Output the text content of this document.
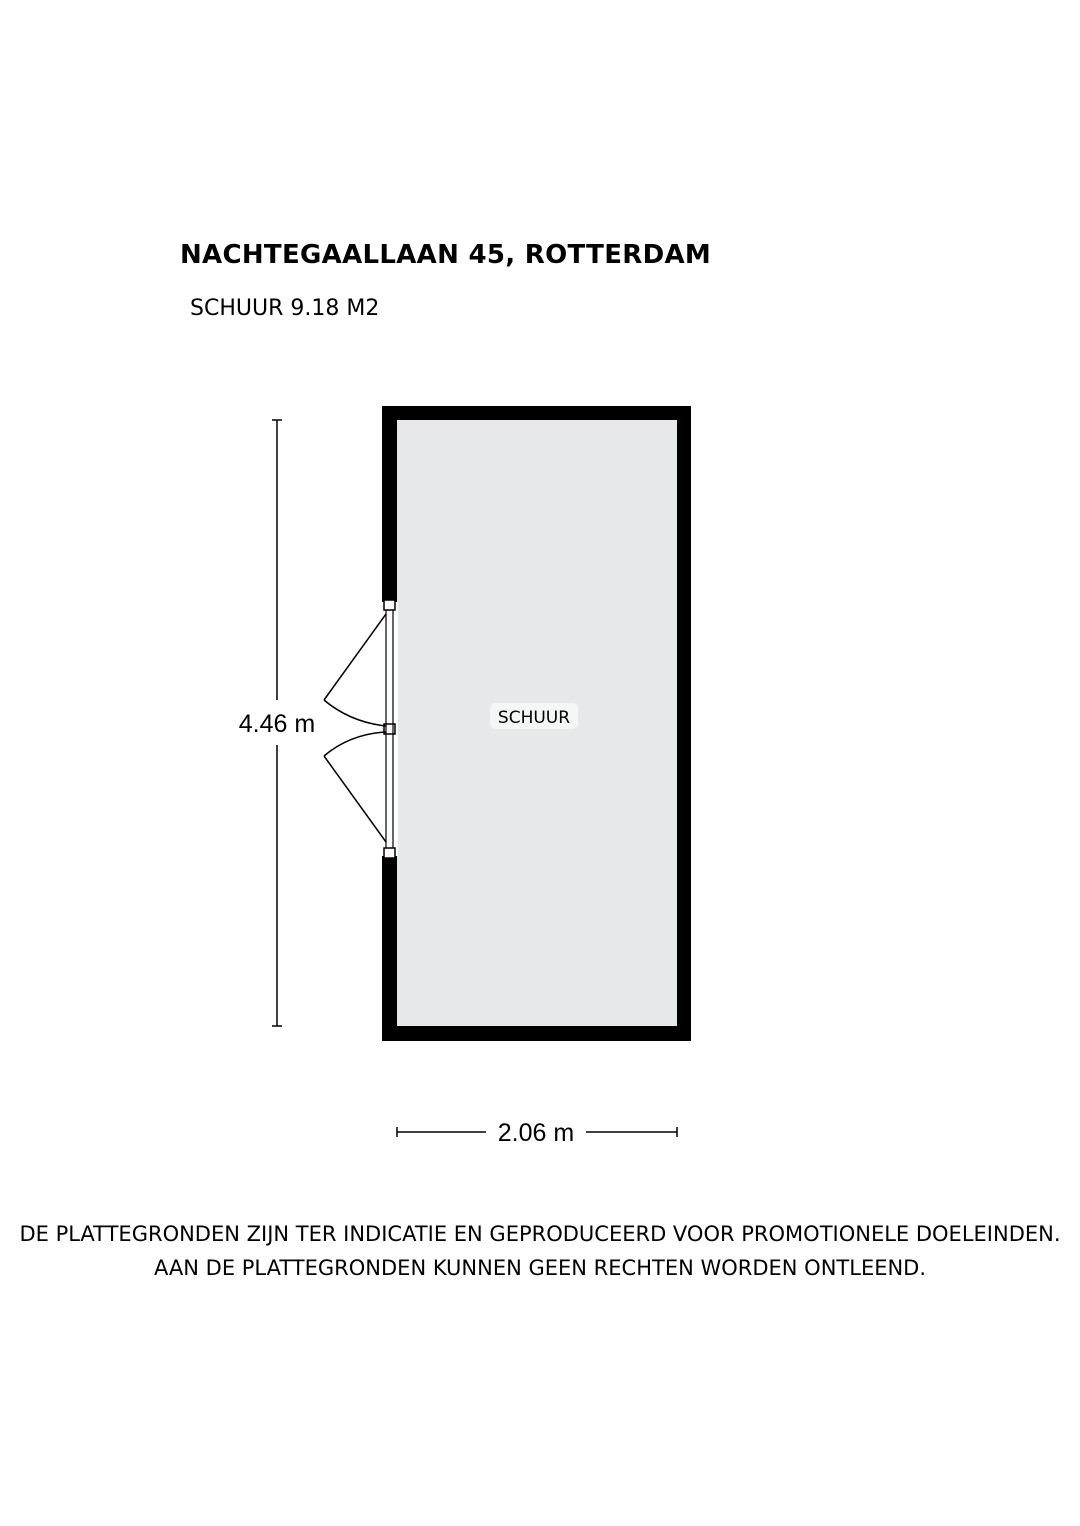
NACHTEGAALLAAN 45, ROTTERDAM
SCHUUR 9.18 M2
SCHUUR
4.46 m
2.06 m
DE PLATTEGRONDEN ZIJN TER INDICATIE EN GEPRODUCEERD VOOR PROMOTIONELE DOELEINDEN.
AAN DE PLATTEGRONDEN KUNNEN GEEN RECHTEN WORDEN ONTLEEND.
